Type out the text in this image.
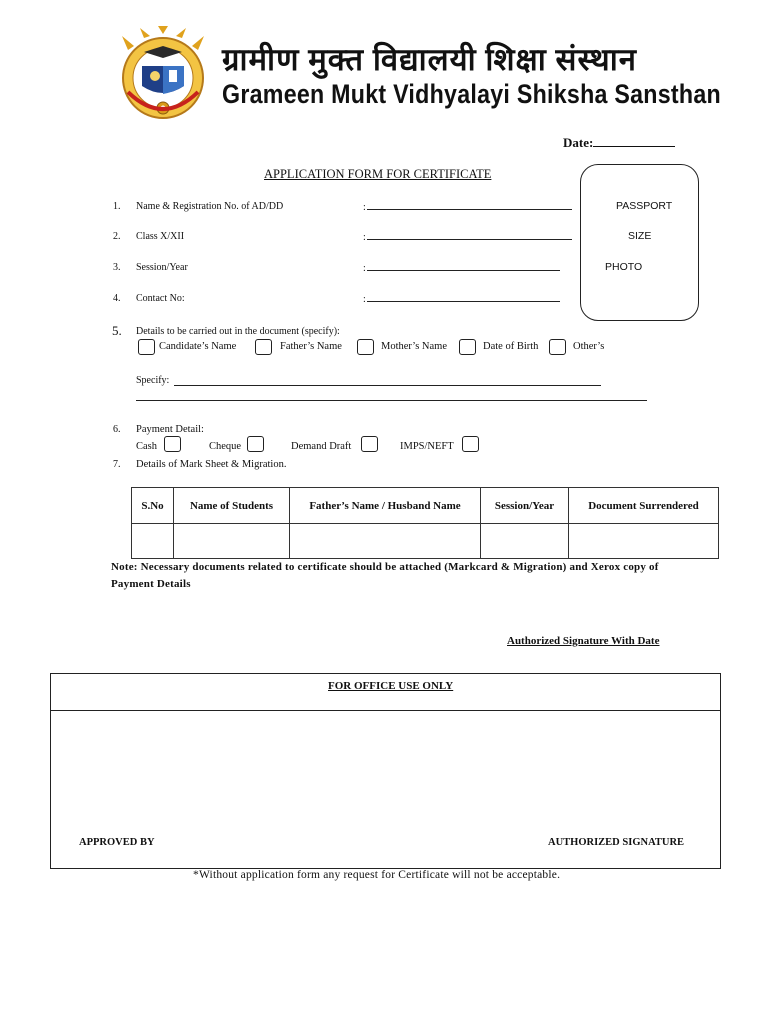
ग्रामीण मुक्त विद्यालयी शिक्षा संस्थान
Grameen Mukt Vidhyalayi Shiksha Sansthan
Date:
APPLICATION FORM FOR CERTIFICATE
PASSPORT
SIZE
PHOTO
1. Name & Registration No. of AD/DD	:
2. Class X/XII	:
3. Session/Year	:
4. Contact No:	:
5. Details to be carried out in the document (specify):
Candidate’s Name	Father’s Name	Mother’s Name	Date of Birth	Other’s
Specify:
6. Payment Detail:
Cash	Cheque	Demand Draft	IMPS/NEFT
7. Details of Mark Sheet & Migration.
S.No	Name of Students	Father’s Name / Husband Name	Session/Year	Document Surrendered

Note: Necessary documents related to certificate should be attached (Markcard & Migration) and Xerox copy of Payment Details
Authorized Signature With Date
FOR OFFICE USE ONLY
APPROVED BY	AUTHORIZED SIGNATURE
*Without application form any request for Certificate will not be acceptable.
